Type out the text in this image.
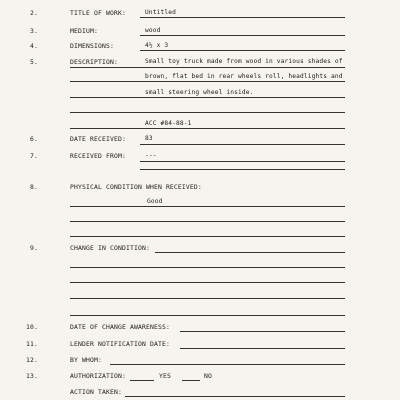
2.	TITLE OF WORK:	Untitled
3.	MEDIUM:	wood
4.	DIMENSIONS:	4½ x 3
5.	DESCRIPTION:	Small toy truck made from wood in various shades of
brown, flat bed in rear wheels roll, headlights and
small steering wheel inside.
ACC #84-88-1
6.	DATE RECEIVED:	83
7.	RECEIVED FROM:	---
8.	PHYSICAL CONDITION WHEN RECEIVED:
Good
9.	CHANGE IN CONDITION:
10.	DATE OF CHANGE AWARENESS:
11.	LENDER NOTIFICATION DATE:
12.	BY WHOM:
13.	AUTHORIZATION:	YES	NO
ACTION TAKEN:
